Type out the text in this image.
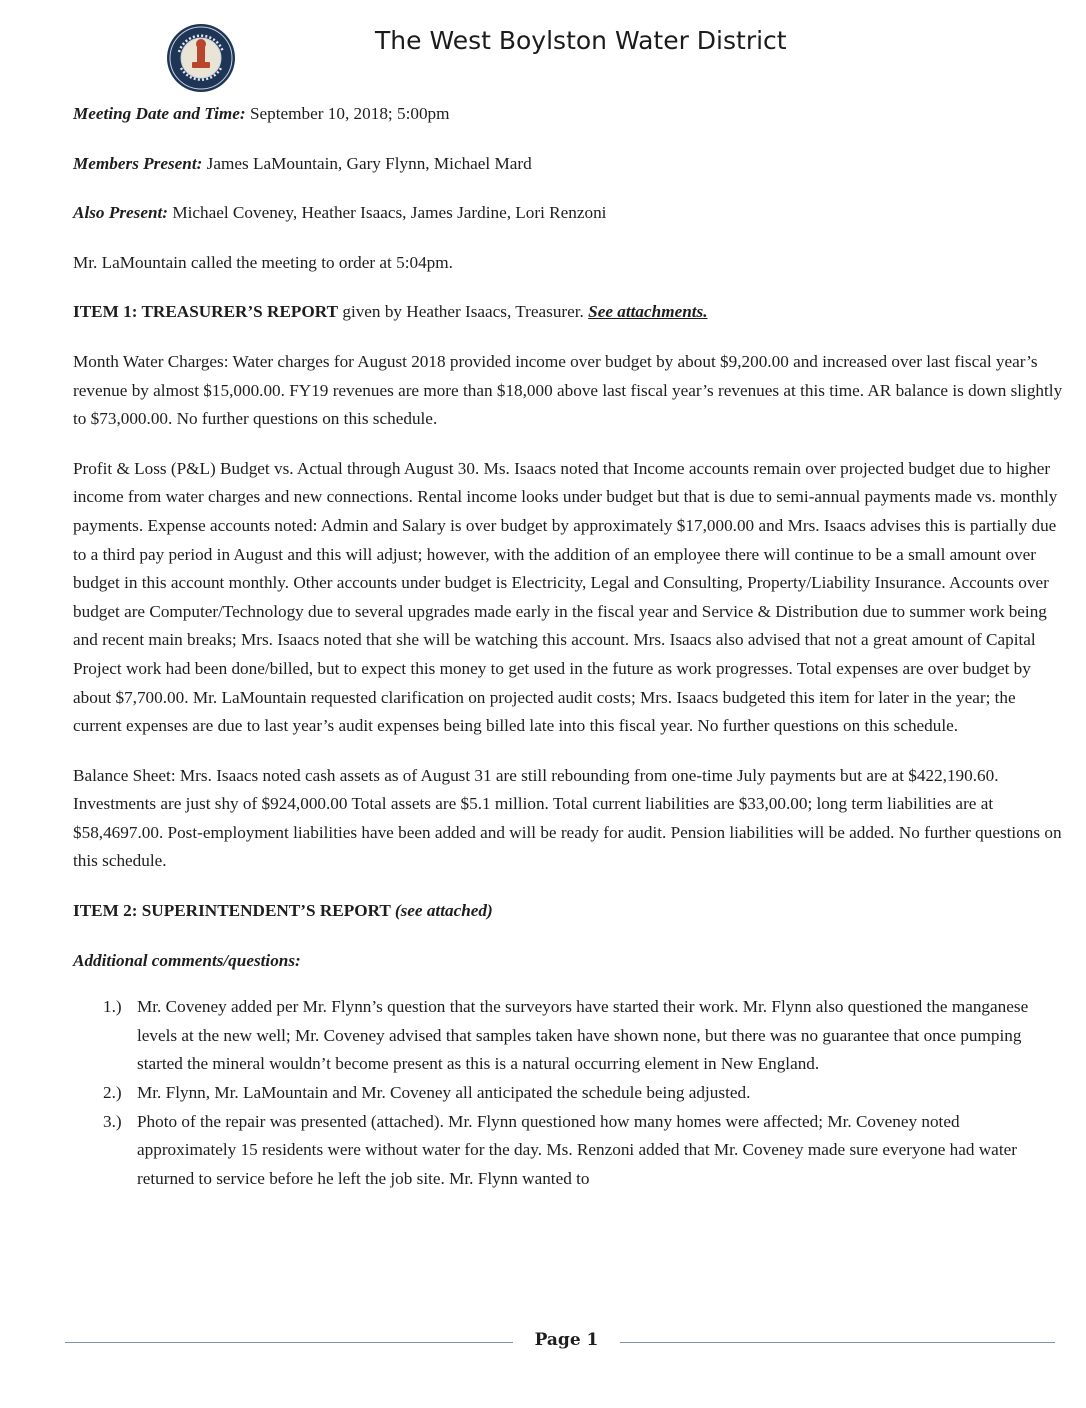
The West Boylston Water District

Meeting Date and Time: September 10, 2018; 5:00pm

Members Present: James LaMountain, Gary Flynn, Michael Mard

Also Present: Michael Coveney, Heather Isaacs, James Jardine, Lori Renzoni

Mr. LaMountain called the meeting to order at 5:04pm.

ITEM 1: TREASURER’S REPORT given by Heather Isaacs, Treasurer. See attachments.

Month Water Charges: Water charges for August 2018 provided income over budget by about $9,200.00 and increased over last fiscal year’s revenue by almost $15,000.00. FY19 revenues are more than $18,000 above last fiscal year’s revenues at this time. AR balance is down slightly to $73,000.00. No further questions on this schedule.

Profit & Loss (P&L) Budget vs. Actual through August 30. Ms. Isaacs noted that Income accounts remain over projected budget due to higher income from water charges and new connections. Rental income looks under budget but that is due to semi-annual payments made vs. monthly payments. Expense accounts noted: Admin and Salary is over budget by approximately $17,000.00 and Mrs. Isaacs advises this is partially due to a third pay period in August and this will adjust; however, with the addition of an employee there will continue to be a small amount over budget in this account monthly. Other accounts under budget is Electricity, Legal and Consulting, Property/Liability Insurance. Accounts over budget are Computer/Technology due to several upgrades made early in the fiscal year and Service & Distribution due to summer work being and recent main breaks; Mrs. Isaacs noted that she will be watching this account. Mrs. Isaacs also advised that not a great amount of Capital Project work had been done/billed, but to expect this money to get used in the future as work progresses. Total expenses are over budget by about $7,700.00. Mr. LaMountain requested clarification on projected audit costs; Mrs. Isaacs budgeted this item for later in the year; the current expenses are due to last year’s audit expenses being billed late into this fiscal year. No further questions on this schedule.

Balance Sheet: Mrs. Isaacs noted cash assets as of August 31 are still rebounding from one-time July payments but are at $422,190.60. Investments are just shy of $924,000.00 Total assets are $5.1 million. Total current liabilities are $33,00.00; long term liabilities are at $58,4697.00. Post-employment liabilities have been added and will be ready for audit. Pension liabilities will be added. No further questions on this schedule.

ITEM 2: SUPERINTENDENT’S REPORT (see attached)

Additional comments/questions:

1.) Mr. Coveney added per Mr. Flynn’s question that the surveyors have started their work. Mr. Flynn also questioned the manganese levels at the new well; Mr. Coveney advised that samples taken have shown none, but there was no guarantee that once pumping started the mineral wouldn’t become present as this is a natural occurring element in New England.
2.) Mr. Flynn, Mr. LaMountain and Mr. Coveney all anticipated the schedule being adjusted.
3.) Photo of the repair was presented (attached). Mr. Flynn questioned how many homes were affected; Mr. Coveney noted approximately 15 residents were without water for the day. Ms. Renzoni added that Mr. Coveney made sure everyone had water returned to service before he left the job site. Mr. Flynn wanted to
Page 1
